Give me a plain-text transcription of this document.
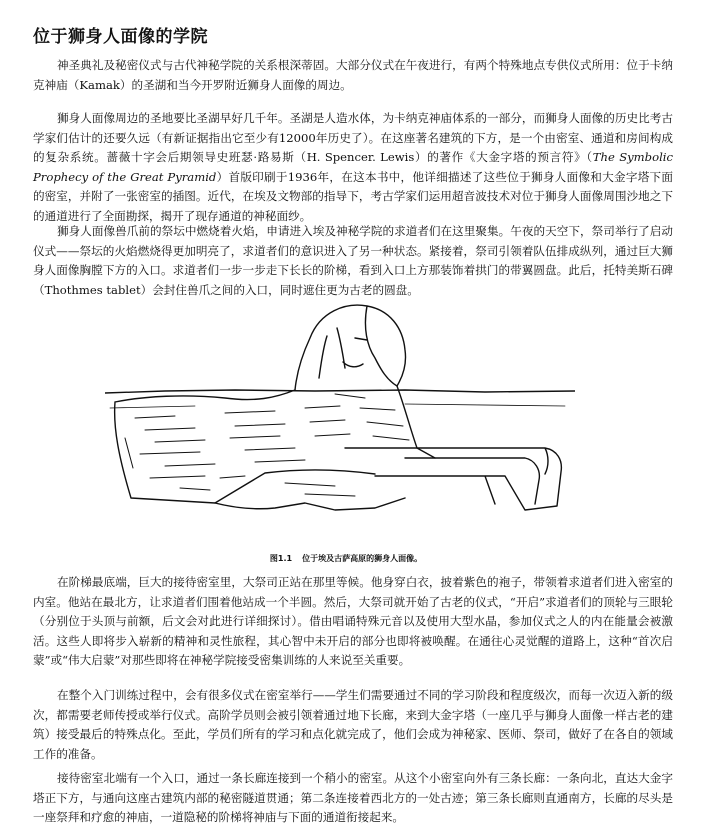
位于狮身人面像的学院

神圣典礼及秘密仪式与古代神秘学院的关系根深蒂固。大部分仪式在午夜进行，有两个特殊地点专供仪式所用：位于卡纳克神庙（Kamak）的圣湖和当今开罗附近狮身人面像的周边。

狮身人面像周边的圣地要比圣湖早好几千年。圣湖是人造水体，为卡纳克神庙体系的一部分，而狮身人面像的历史比考古学家们估计的还要久远（有新证据指出它至少有12000年历史了）。在这座著名建筑的下方，是一个由密室、通道和房间构成的复杂系统。蔷薇十字会后期领导史班瑟·路易斯（H. Spencer. Lewis）的著作《大金字塔的预言符》（The Symbolic Prophecy of the Great Pyramid）首版印刷于1936年，在这本书中，他详细描述了这些位于狮身人面像和大金字塔下面的密室，并附了一张密室的插图。近代，在埃及文物部的指导下，考古学家们运用超音波技术对位于狮身人面像周围沙地之下的通道进行了全面勘探，揭开了现存通道的神秘面纱。

狮身人面像兽爪前的祭坛中燃烧着火焰，申请进入埃及神秘学院的求道者们在这里聚集。午夜的天空下，祭司举行了启动仪式——祭坛的火焰燃烧得更加明亮了，求道者们的意识进入了另一种状态。紧接着，祭司引领着队伍排成纵列，通过巨大狮身人面像胸膛下方的入口。求道者们一步一步走下长长的阶梯，看到入口上方那装饰着拱门的带翼圆盘。此后，托特美斯石碑（Thothmes tablet）会封住兽爪之间的入口，同时遮住更为古老的圆盘。

图1.1 位于埃及古萨高原的狮身人面像。

在阶梯最底端，巨大的接待密室里，大祭司正站在那里等候。他身穿白衣，披着紫色的袍子，带领着求道者们进入密室的内室。他站在最北方，让求道者们围着他站成一个半圆。然后，大祭司就开始了古老的仪式，“开启”求道者们的顶轮与三眼轮（分别位于头顶与前额，后文会对此进行详细探讨）。借由唱诵特殊元音以及使用大型水晶，参加仪式之人的内在能量会被激活。这些人即将步入崭新的精神和灵性旅程，其心智中未开启的部分也即将被唤醒。在通往心灵觉醒的道路上，这种“首次启蒙”或“伟大启蒙”对那些即将在神秘学院接受密集训练的人来说至关重要。

在整个入门训练过程中，会有很多仪式在密室举行——学生们需要通过不同的学习阶段和程度级次，而每一次迈入新的级次，都需要老师传授或举行仪式。高阶学员则会被引领着通过地下长廊，来到大金字塔（一座几乎与狮身人面像一样古老的建筑）接受最后的特殊点化。至此，学员们所有的学习和点化就完成了，他们会成为神秘家、医师、祭司，做好了在各自的领域工作的准备。

接待密室北端有一个入口，通过一条长廊连接到一个稍小的密室。从这个小密室向外有三条长廊：一条向北，直达大金字塔正下方，与通向这座古建筑内部的秘密隧道贯通；第二条连接着西北方的一处古迹；第三条长廊则直通南方，长廊的尽头是一座祭拜和疗愈的神庙，一道隐秘的阶梯将神庙与下面的通道衔接起来。
